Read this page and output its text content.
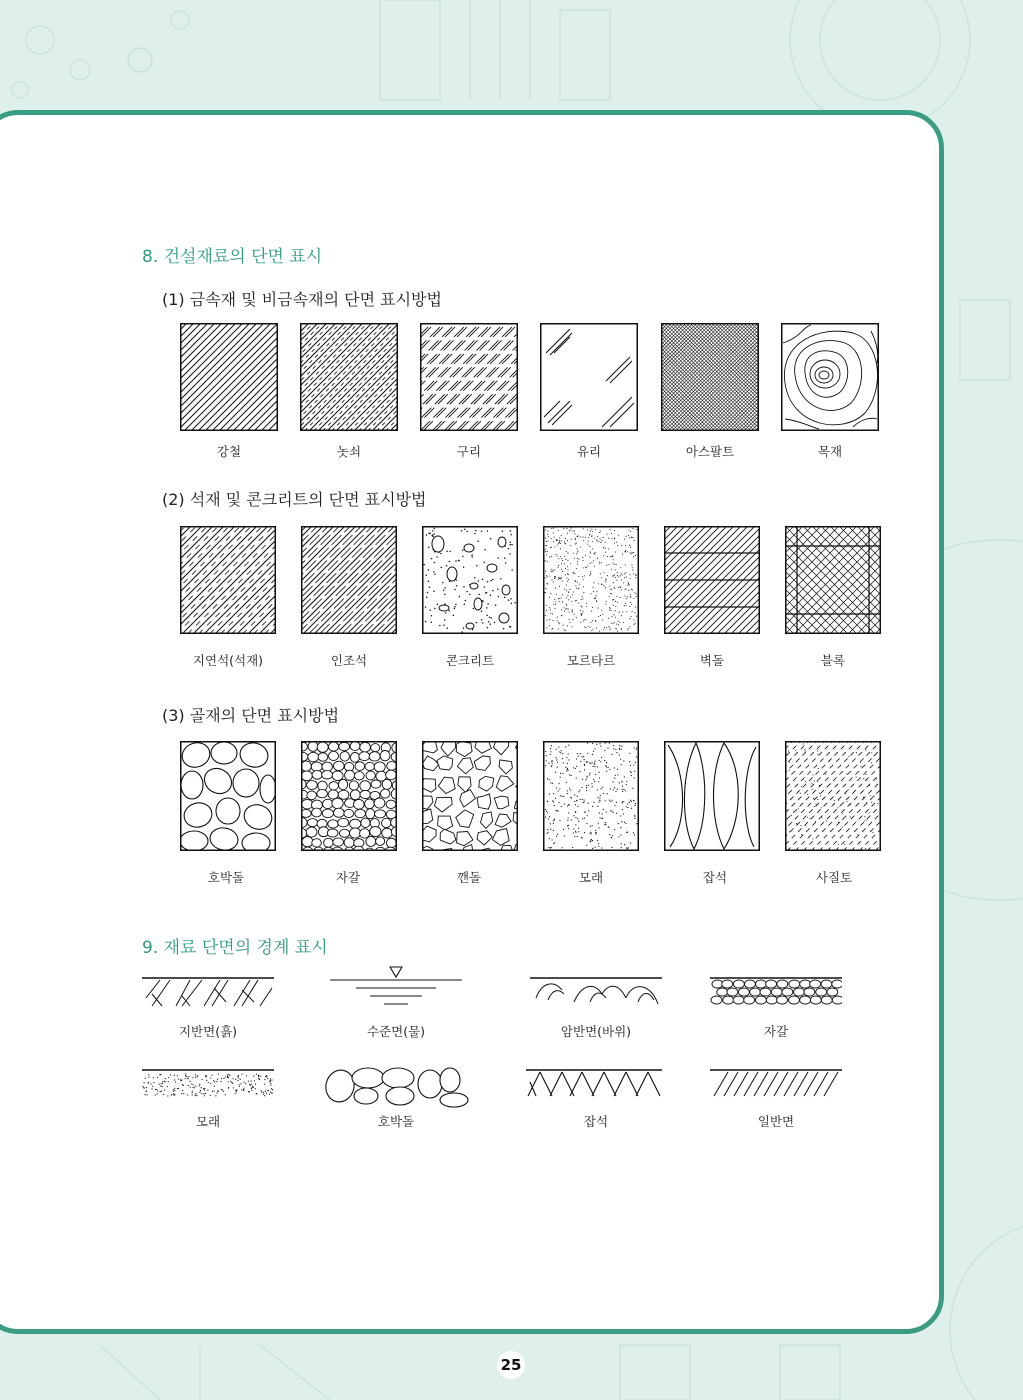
8. 건설재료의 단면 표시
(1) 금속재 및 비금속재의 단면 표시방법
(2) 석재 및 콘크리트의 단면 표시방법
(3) 골재의 단면 표시방법
9. 재료 단면의 경계 표시
강철	놋쇠	구리	유리	아스팔트	목재
지연석(석재)	인조석	콘크리트	모르타르	벽돌	블록
호박돌	자갈	깬돌	모래	잡석	사질토
지반면(흙)	수준면(물)	암반면(바위)	자갈
모래	호박돌	잡석	일반면
25
